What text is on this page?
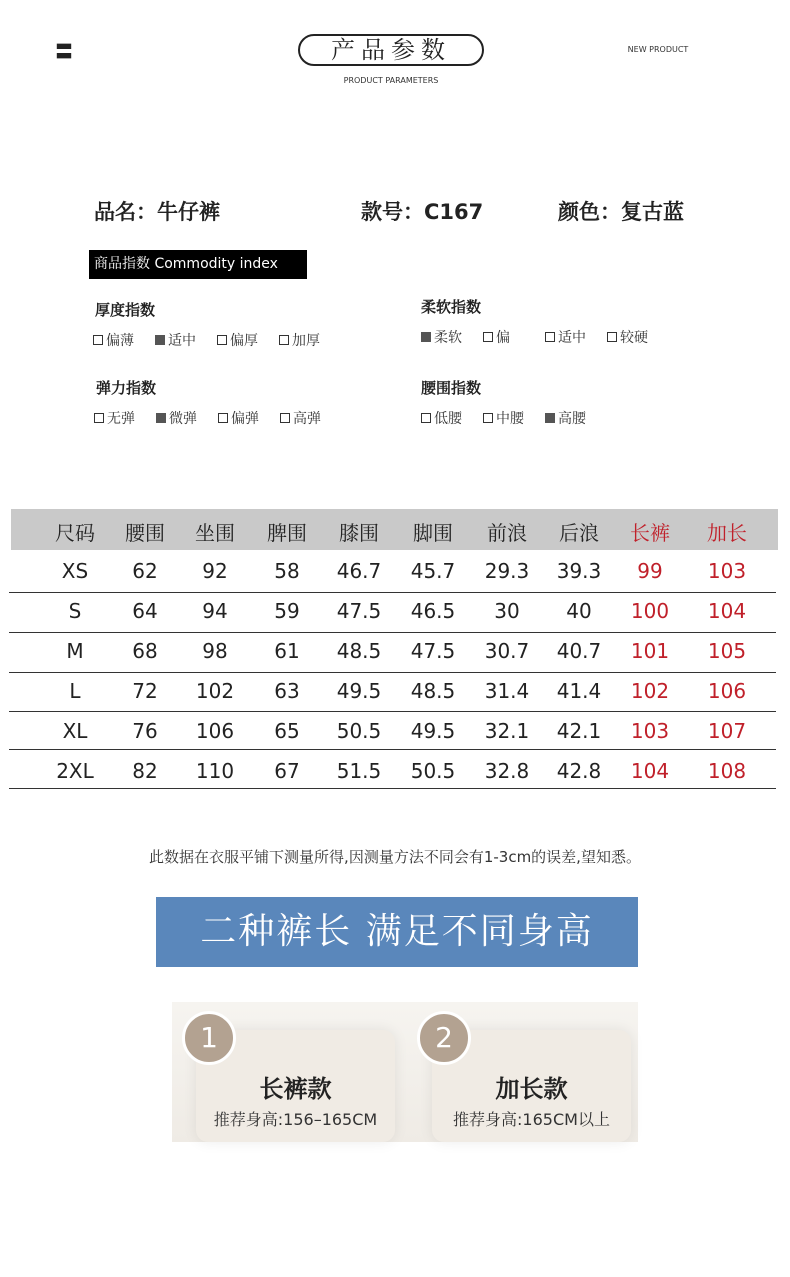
〓	产品参数
PRODUCT PARAMETERS
NEW PRODUCT
品名：牛仔裤	款号：C167	颜色：复古蓝
商品指数 Commodity index
厚度指数
偏薄 适中 偏厚 加厚
柔软指数
柔软 偏	适中 较硬
弹力指数
无弹 微弹 偏弹 高弹
腰围指数
低腰 中腰 高腰
尺码 腰围 坐围 脾围 膝围 脚围 前浪 后浪 长裤 加长
XS 62 92 58 46.7 45.7 29.3 39.3 99 103
S	64 94 59 47.5 46.5 30 40 100 104
M 68 98 61 48.5 47.5 30.7 40.7 101 105
L	72 102 63 49.5 48.5 31.4 41.4 102 106
XL 76 106 65 50.5 49.5 32.1 42.1 103 107
2XL 82 110 67 51.5 50.5 32.8 42.8 104 108
此数据在衣服平铺下测量所得,因测量方法不同会有1-3cm的误差,望知悉。
二种裤长 满足不同身高
1
长裤款
推荐身高:156–165CM
2
加长款
推荐身高:165CM以上
